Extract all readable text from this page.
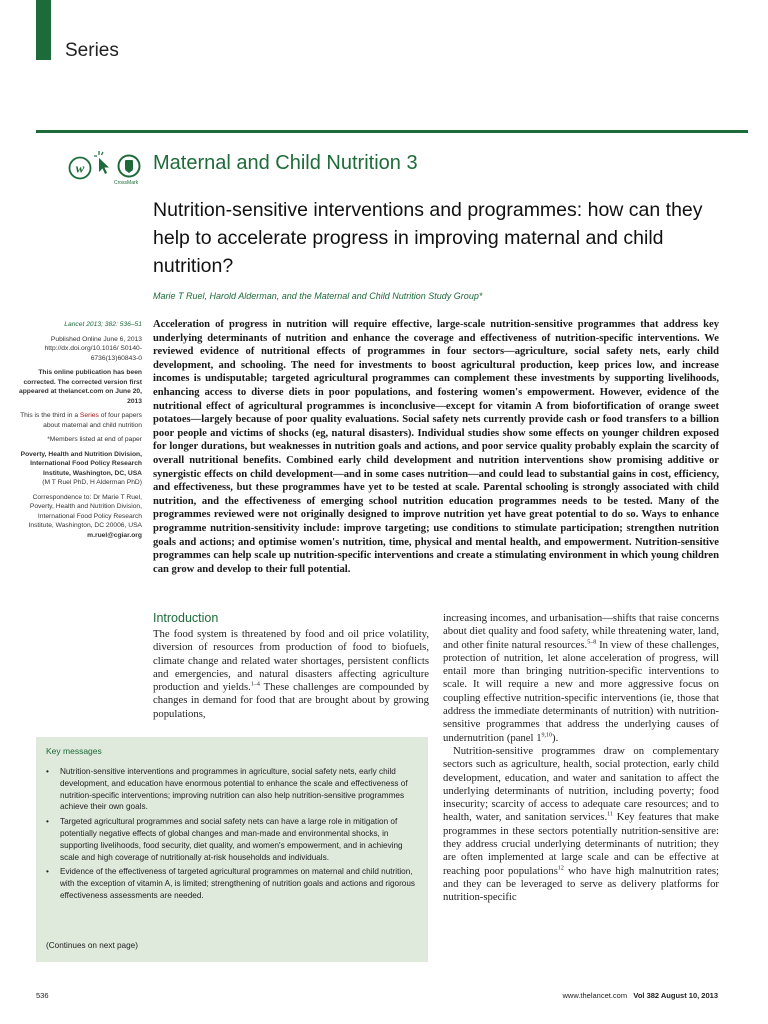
Series
w
CrossMark
Maternal and Child Nutrition 3
Nutrition-sensitive interventions and programmes: how can they help to accelerate progress in improving maternal and child nutrition?
Marie T Ruel, Harold Alderman, and the Maternal and Child Nutrition Study Group*
Lancet 2013; 382: 536–51
Published Online June 6, 2013 http://dx.doi.org/10.1016/ S0140-6736(13)60843-0
This online publication has been corrected. The corrected version first appeared at thelancet.com on June 20, 2013
This is the third in a Series of four papers about maternal and child nutrition
*Members listed at end of paper
Poverty, Health and Nutrition Division, International Food Policy Research Institute, Washington, DC, USA
(M T Ruel PhD, H Alderman PhD)
Correspondence to: Dr Marie T Ruel, Poverty, Health and Nutrition Division, International Food Policy Research Institute, Washington, DC 20006, USA
m.ruel@cgiar.org
Acceleration of progress in nutrition will require effective, large-scale nutrition-sensitive programmes that address key underlying determinants of nutrition and enhance the coverage and effectiveness of nutrition-specific interventions. We reviewed evidence of nutritional effects of programmes in four sectors—agriculture, social safety nets, early child development, and schooling. The need for investments to boost agricultural production, keep prices low, and increase incomes is undisputable; targeted agricultural programmes can complement these investments by supporting livelihoods, enhancing access to diverse diets in poor populations, and fostering women's empowerment. However, evidence of the nutritional effect of agricultural programmes is inconclusive—except for vitamin A from biofortification of orange sweet potatoes—largely because of poor quality evaluations. Social safety nets currently provide cash or food transfers to a billion poor people and victims of shocks (eg, natural disasters). Individual studies show some effects on younger children exposed for longer durations, but weaknesses in nutrition goals and actions, and poor service quality probably explain the scarcity of overall nutritional benefits. Combined early child development and nutrition interventions show promising additive or synergistic effects on child development—and in some cases nutrition—and could lead to substantial gains in cost, efficiency, and effectiveness, but these programmes have yet to be tested at scale. Parental schooling is strongly associated with child nutrition, and the effectiveness of emerging school nutrition education programmes needs to be tested. Many of the programmes reviewed were not originally designed to improve nutrition yet have great potential to do so. Ways to enhance programme nutrition-sensitivity include: improve targeting; use conditions to stimulate participation; strengthen nutrition goals and actions; and optimise women's nutrition, time, physical and mental health, and empowerment. Nutrition-sensitive programmes can help scale up nutrition-specific interventions and create a stimulating environment in which young children can grow and develop to their full potential.
Introduction
The food system is threatened by food and oil price volatility, diversion of resources from production of food to biofuels, climate change and related water shortages, persistent conflicts and emergencies, and natural disasters affecting agriculture production and yields.$^{1-4}$ These challenges are compounded by changes in demand for food that are brought about by growing populations,

increasing incomes, and urbanisation—shifts that raise concerns about diet quality and food safety, while threatening water, land, and other finite natural resources.$^{5-8}$ In view of these challenges, protection of nutrition, let alone acceleration of progress, will entail more than bringing nutrition-specific interventions to scale. It will require a new and more aggressive focus on coupling effective nutrition-specific interventions (ie, those that address the immediate determinants of nutrition) with nutrition-sensitive programmes that address the underlying causes of undernutrition (panel 1$^{9,10}$).

Nutrition-sensitive programmes draw on complementary sectors such as agriculture, health, social protection, early child development, education, and water and sanitation to affect the underlying determinants of nutrition, including poverty; food insecurity; scarcity of access to adequate care resources; and to health, water, and sanitation services.$^{11}$ Key features that make programmes in these sectors potentially nutrition-sensitive are: they address crucial underlying determinants of nutrition; they are often implemented at large scale and can be effective at reaching poor populations$^{12}$ who have high malnutrition rates; and they can be leveraged to serve as delivery platforms for nutrition-specific

Key messages
• Nutrition-sensitive interventions and programmes in agriculture, social safety nets, early child development, and education have enormous potential to enhance the scale and effectiveness of nutrition-specific interventions; improving nutrition can also help nutrition-sensitive programmes achieve their own goals.
• Targeted agricultural programmes and social safety nets can have a large role in mitigation of potentially negative effects of global changes and man-made and environmental shocks, in supporting livelihoods, food security, diet quality, and women's empowerment, and in achieving scale and high coverage of nutritionally at-risk households and individuals.
• Evidence of the effectiveness of targeted agricultural programmes on maternal and child nutrition, with the exception of vitamin A, is limited; strengthening of nutrition goals and actions and rigorous effectiveness assessments are needed.
(Continues on next page)
536	www.thelancet.com Vol 382 August 10, 2013
